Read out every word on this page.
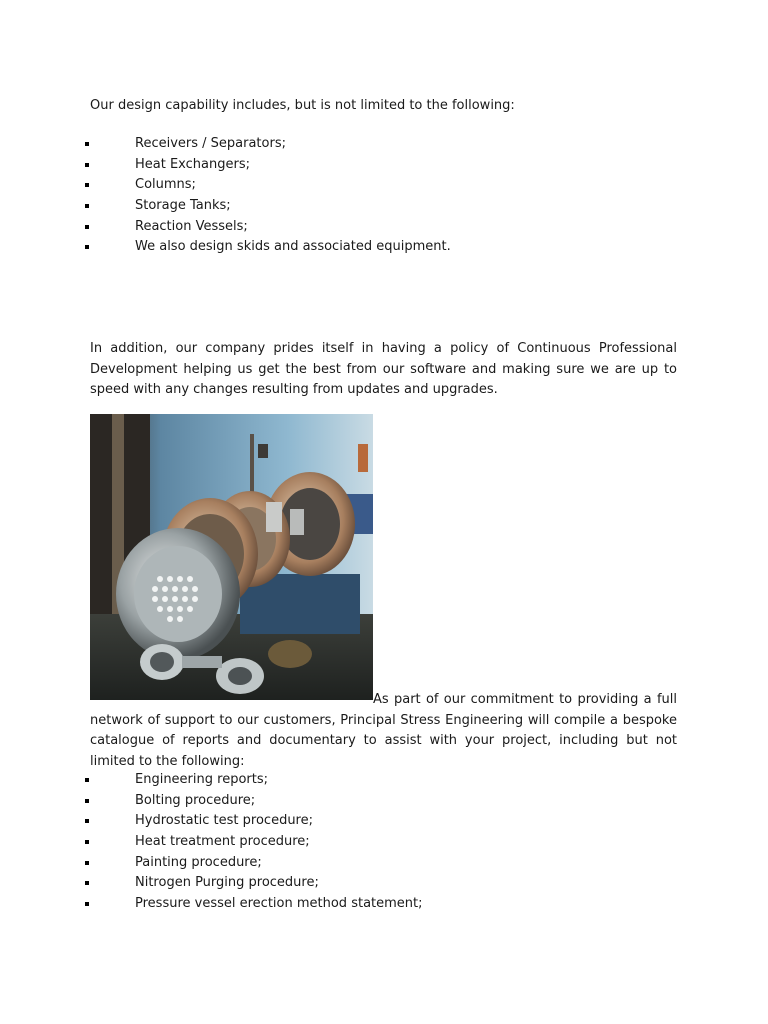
Our design capability includes, but is not limited to the following:

Receivers / Separators;
Heat Exchangers;
Columns;
Storage Tanks;
Reaction Vessels;
We also design skids and associated equipment.

In addition, our company prides itself in having a policy of Continuous Professional Development helping us get the best from our software and making sure we are up to speed with any changes resulting from updates and upgrades.

As part of our commitment to providing a full network of support to our customers, Principal Stress Engineering will compile a bespoke catalogue of reports and documentary to assist with your project, including but not limited to the following:
Engineering reports;
Bolting procedure;
Hydrostatic test procedure;
Heat treatment procedure;
Painting procedure;
Nitrogen Purging procedure;
Pressure vessel erection method statement;
